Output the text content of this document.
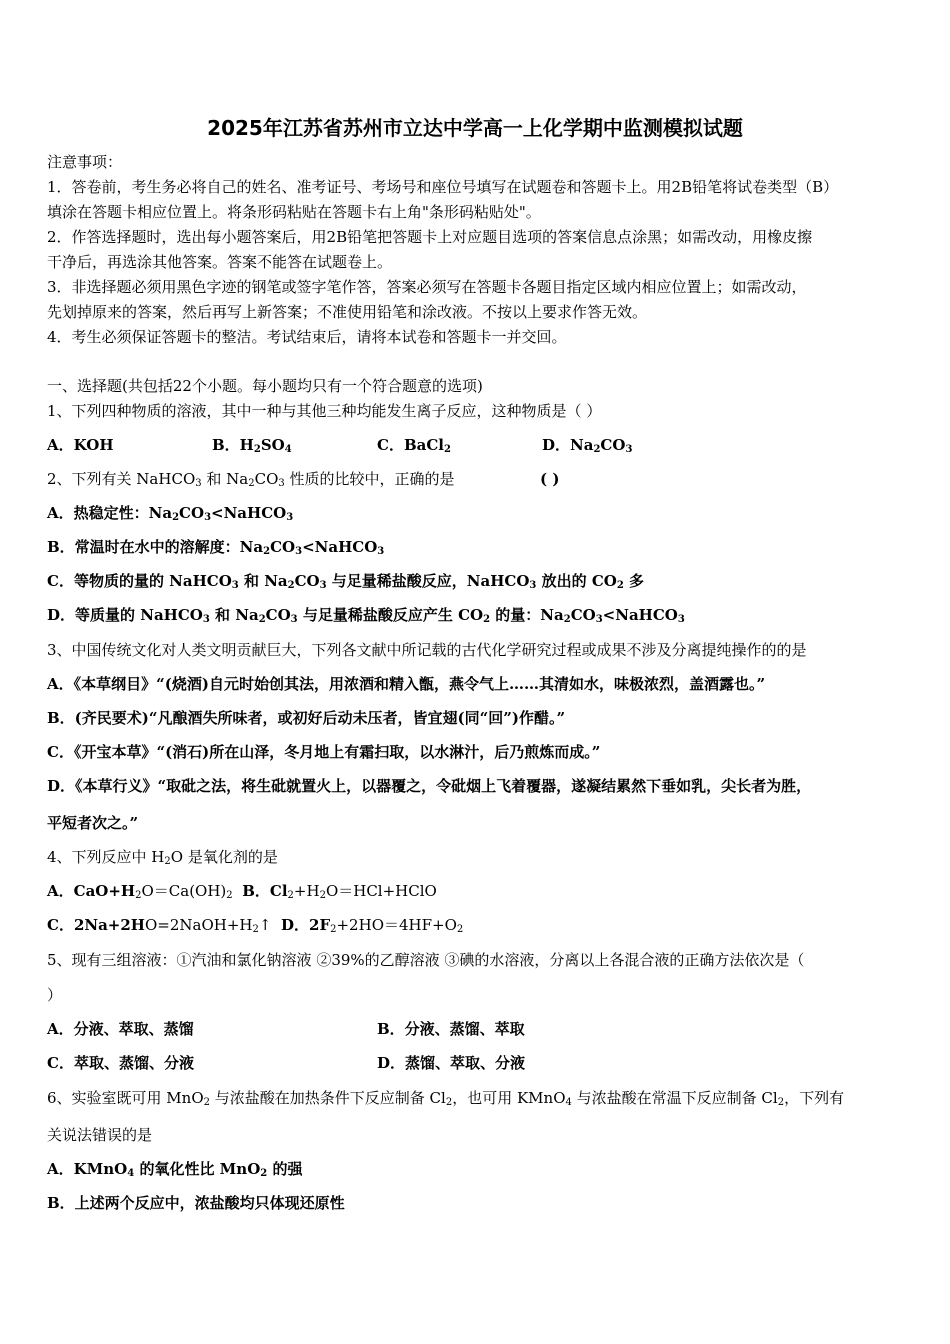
2025年江苏省苏州市立达中学高一上化学期中监测模拟试题
注意事项：
1．答卷前，考生务必将自己的姓名、准考证号、考场号和座位号填写在试题卷和答题卡上。用2B铅笔将试卷类型（B）
填涂在答题卡相应位置上。将条形码粘贴在答题卡右上角"条形码粘贴处"。
2．作答选择题时，选出每小题答案后，用2B铅笔把答题卡上对应题目选项的答案信息点涂黑；如需改动，用橡皮擦
干净后，再选涂其他答案。答案不能答在试题卷上。
3．非选择题必须用黑色字迹的钢笔或签字笔作答，答案必须写在答题卡各题目指定区域内相应位置上；如需改动，
先划掉原来的答案，然后再写上新答案；不准使用铅笔和涂改液。不按以上要求作答无效。
4．考生必须保证答题卡的整洁。考试结束后，请将本试卷和答题卡一并交回。
一、选择题(共包括22个小题。每小题均只有一个符合题意的选项)
1、下列四种物质的溶液，其中一种与其他三种均能发生离子反应，这种物质是（ ）
A．KOH	B．$H_2SO_4$	C．BaCl$_2$	D．$Na_2CO_3$
2、下列有关 NaHCO$_3$ 和 $Na_2CO_3$ 性质的比较中，正确的是	( )
A．热稳定性：$Na_2CO_3<NaHCO_3$
B．常温时在水中的溶解度：$Na_2CO_3<NaHCO_3$
C．等物质的量的 NaHCO$_3$ 和 $Na_2CO_3$ 与足量稀盐酸反应，NaHCO$_3$ 放出的 $CO_2$ 多
D．等质量的 NaHCO$_3$ 和 $Na_2CO_3$ 与足量稀盐酸反应产生 $CO_2$ 的量：$Na_2CO_3<NaHCO_3$
3、中国传统文化对人类文明贡献巨大，下列各文献中所记载的古代化学研究过程或成果不涉及分离提纯操作的的是
A．《本草纲目》“(烧酒)自元时始创其法，用浓酒和精入甑，燕令气上……其清如水，味极浓烈，盖酒露也。”
B．(齐民要术)“凡酿酒失所味者，或初好后动未压者，皆宜翅(同“回”)作醋。”
C．《开宝本草》“(消石)所在山泽，冬月地上有霜扫取，以水淋汁，后乃煎炼而成。”
D．《本草行义》“取砒之法，将生砒就置火上，以器覆之，令砒烟上飞着覆器，遂凝结累然下垂如乳，尖长者为胜，
平短者次之。”
4、下列反应中 $H_2O$ 是氧化剂的是
A．$CaO+H_2O=Ca(OH)_2$ B．$Cl_2+H_2O=HCl+HClO$
C．$2Na+2HO=2NaOH+H_2↑$ D．$2F_2+2HO=4HF+O_2$
5、现有三组溶液：①汽油和氯化钠溶液 ②39%的乙醇溶液 ③碘的水溶液，分离以上各混合液的正确方法依次是（
）
A．分液、萃取、蒸馏	B．分液、蒸馏、萃取
C．萃取、蒸馏、分液	D．蒸馏、萃取、分液
6、实验室既可用 MnO$_2$ 与浓盐酸在加热条件下反应制备 $Cl_2$，也可用 KMnO$_4$ 与浓盐酸在常温下反应制备 $Cl_2$，下列有
关说法错误的是
A．KMnO$_4$ 的氧化性比 MnO$_2$ 的强
B．上述两个反应中，浓盐酸均只体现还原性
